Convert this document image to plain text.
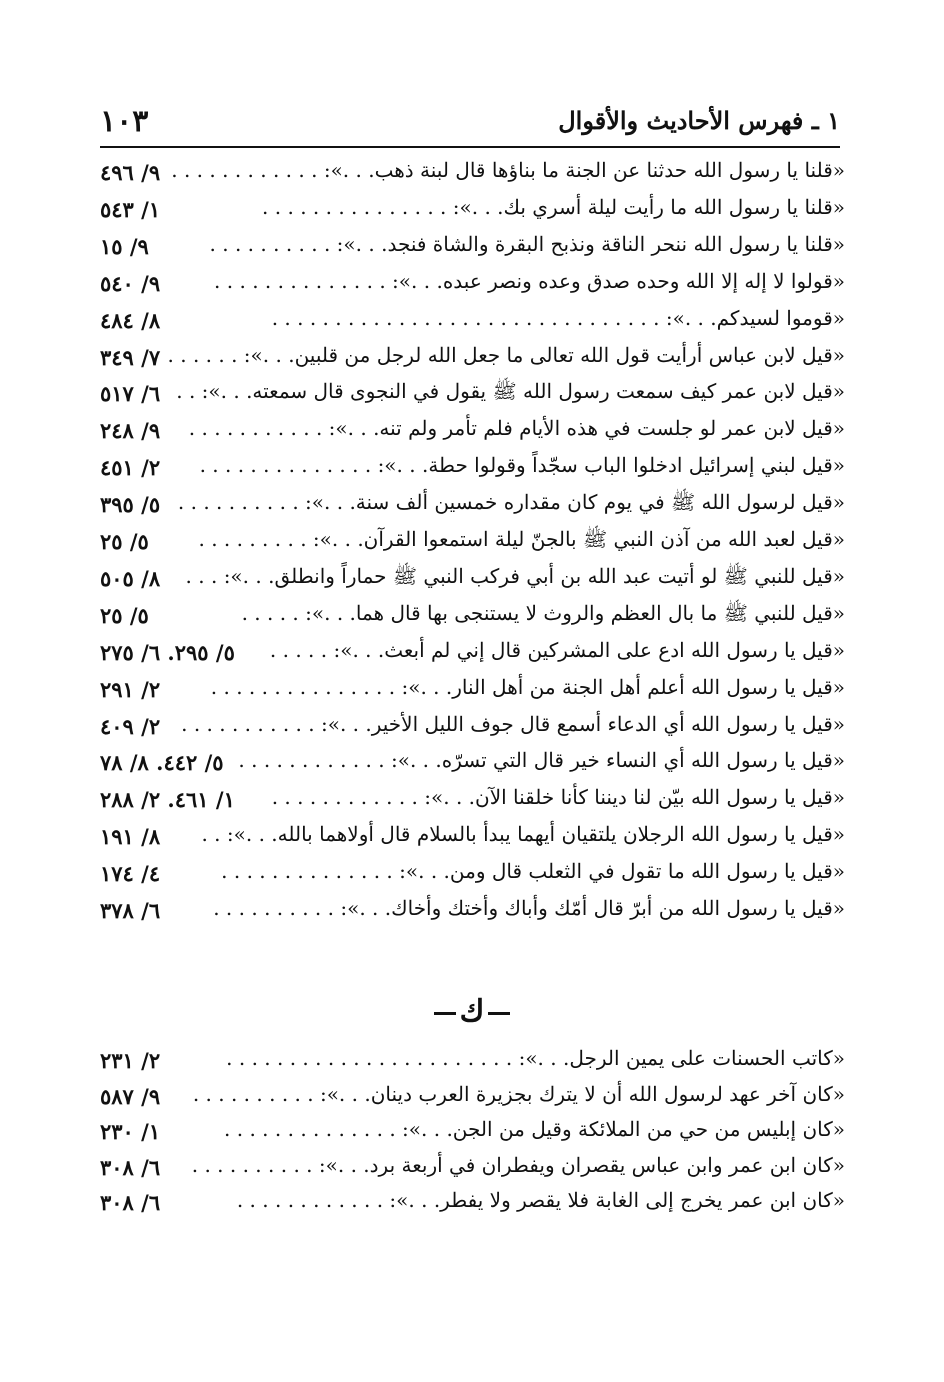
١٠٣	١ ـ فهرس الأحاديث والأقوال
٩/ ٤٩٦ «قلنا يا رسول الله حدثنا عن الجنة ما بناؤها قال لبنة ذهب. . .»: . . . . . . . . . . . .
١/ ٥٤٣	«قلنا يا رسول الله ما رأيت ليلة أسري بك. . .»: . . . . . . . . . . . . . . .
٩/ ١٥	«قلنا يا رسول الله ننحر الناقة ونذبح البقرة والشاة فنجد. . .»: . . . . . . . . . .
٩/ ٥٤٠	«قولوا لا إله إلا الله وحده صدق وعده ونصر عبده. . .»: . . . . . . . . . . . . . .
٨/ ٤٨٤	«قوموا لسيدكم. . .»: . . . . . . . . . . . . . . . . . . . . . . . . . . . . . . .
٧/ ٣٤٩ «قيل لابن عباس أرأيت قول الله تعالى ما جعل الله لرجل من قلبين. . .»: . . . . . .
٦/ ٥١٧ «قيل لابن عمر كيف سمعت رسول الله ﷺ يقول في النجوى قال سمعته. . .»: . .
٩/ ٢٤٨	«قيل لابن عمر لو جلست في هذه الأيام فلم تأمر ولم تنه. . .»: . . . . . . . . . . .
٢/ ٤٥١	«قيل لبني إسرائيل ادخلوا الباب سجّداً وقولوا حطة. . .»: . . . . . . . . . . . . . .
٥/ ٣٩٥ «قيل لرسول الله ﷺ في يوم كان مقداره خمسين ألف سنة. . .»: . . . . . . . . . .
٥/ ٢٥	«قيل لعبد الله من آذن النبي ﷺ بالجنّ ليلة استمعوا القرآن. . .»: . . . . . . . . .
٨/ ٥٠٥	«قيل للنبي ﷺ لو أتيت عبد الله بن أبي فركب النبي ﷺ حماراً وانطلق. . .»: . . .
٥/ ٢٥	«قيل للنبي ﷺ ما بال العظم والروث لا يستنجى بها قال هما. . .»: . . . . .
٥/ ٢٩٥. ٦/ ٢٧٥	«قيل يا رسول الله ادع على المشركين قال إني لم أبعث. . .»: . . . . .
٢/ ٢٩١	«قيل يا رسول الله أعلم أهل الجنة من أهل النار. . .»: . . . . . . . . . . . . . . .
٢/ ٤٠٩	«قيل يا رسول الله أي الدعاء أسمع قال جوف الليل الأخير. . .»: . . . . . . . . . . .
٥/ ٤٤٢. ٨/ ٧٨ «قيل يا رسول الله أي النساء خير قال التي تسرّه. . .»: . . . . . . . . . . . .
١/ ٤٦١. ٢/ ٢٨٨	«قيل يا رسول الله بيّن لنا ديننا كأنا خلقنا الآن. . .»: . . . . . . . . . . . .
٨/ ١٩١	«قيل يا رسول الله الرجلان يلتقيان أيهما يبدأ بالسلام قال أولاهما بالله. . .»: . .
٤/ ١٧٤	«قيل يا رسول الله ما تقول في الثعلب قال ومن. . .»: . . . . . . . . . . . . . .
٦/ ٣٧٨	«قيل يا رسول الله من أبرّ قال أمّك وأباك وأختك وأخاك. . .»: . . . . . . . . . .
ك
٢/ ٢٣١	«كاتب الحسنات على يمين الرجل. . .»: . . . . . . . . . . . . . . . . . . . . . . .
٩/ ٥٨٧	«كان آخر عهد لرسول الله أن لا يترك بجزيرة العرب دينان. . .»: . . . . . . . . . .
١/ ٢٣٠	«كان إبليس من حي من الملائكة وقيل من الجن. . .»: . . . . . . . . . . . . . .
٦/ ٣٠٨	«كان ابن عمر وابن عباس يقصران ويفطران في أربعة برد. . .»: . . . . . . . . . .
٦/ ٣٠٨	«كان ابن عمر يخرج إلى الغابة فلا يقصر ولا يفطر. . .»: . . . . . . . . . . . .
